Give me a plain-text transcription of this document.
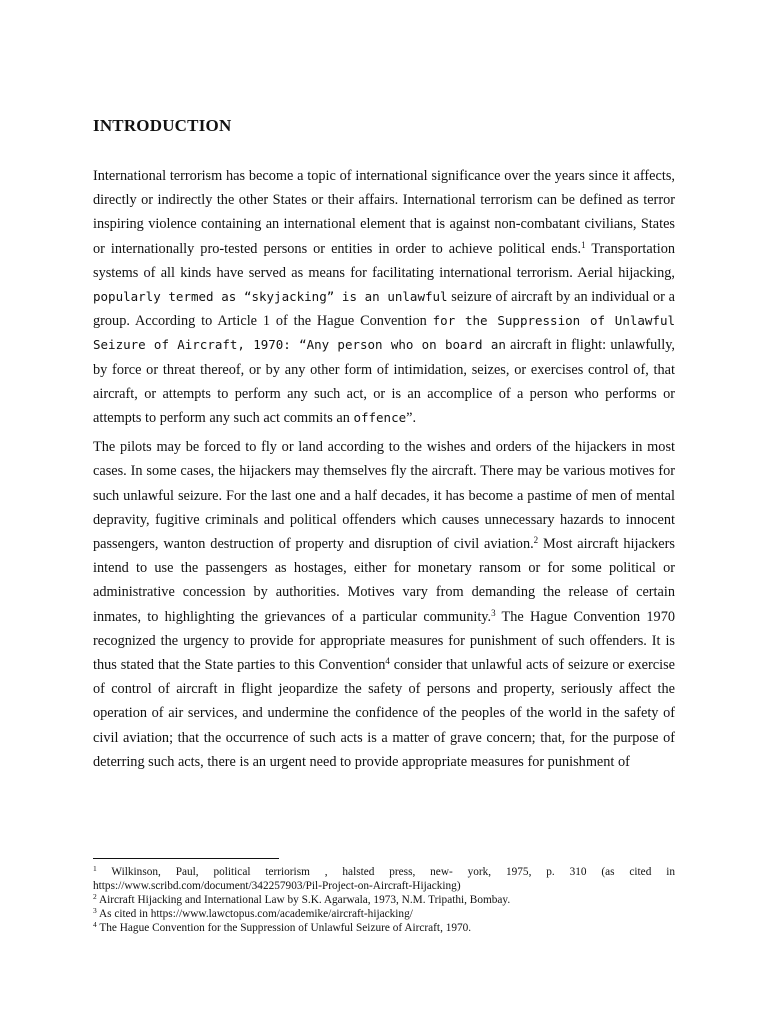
INTRODUCTION

International terrorism has become a topic of international significance over the years since it affects, directly or indirectly the other States or their affairs. International terrorism can be defined as terror inspiring violence containing an international element that is against non-combatant civilians, States or internationally pro-tested persons or entities in order to achieve political ends.$^1$ Transportation systems of all kinds have served as means for facilitating international terrorism. Aerial hijacking, popularly termed as “skyjacking” is an unlawful seizure of aircraft by an individual or a group. According to Article 1 of the Hague Convention for the Suppression of Unlawful Seizure of Aircraft, 1970: “Any person who on board an aircraft in flight: unlawfully, by force or threat thereof, or by any other form of intimidation, seizes, or exercises control of, that aircraft, or attempts to perform any such act, or is an accomplice of a person who performs or attempts to perform any such act commits an offence”.

The pilots may be forced to fly or land according to the wishes and orders of the hijackers in most cases. In some cases, the hijackers may themselves fly the aircraft. There may be various motives for such unlawful seizure. For the last one and a half decades, it has become a pastime of men of mental depravity, fugitive criminals and political offenders which causes unnecessary hazards to innocent passengers, wanton destruction of property and disruption of civil aviation.$^2$ Most aircraft hijackers intend to use the passengers as hostages, either for monetary ransom or for some political or administrative concession by authorities. Motives vary from demanding the release of certain inmates, to highlighting the grievances of a particular community.$^3$ The Hague Convention 1970 recognized the urgency to provide for appropriate measures for punishment of such offenders. It is thus stated that the State parties to this Convention$^4$ consider that unlawful acts of seizure or exercise of control of aircraft in flight jeopardize the safety of persons and property, seriously affect the operation of air services, and undermine the confidence of the peoples of the world in the safety of civil aviation; that the occurrence of such acts is a matter of grave concern; that, for the purpose of deterring such acts, there is an urgent need to provide appropriate measures for punishment of

$^1$ Wilkinson, Paul, political terriorism , halsted press, new- york, 1975, p. 310 (as cited in https://www.scribd.com/document/342257903/Pil-Project-on-Aircraft-Hijacking)

$^2$ Aircraft Hijacking and International Law by S.K. Agarwala, 1973, N.M. Tripathi, Bombay.

$^3$ As cited in https://www.lawctopus.com/academike/aircraft-hijacking/

$^4$ The Hague Convention for the Suppression of Unlawful Seizure of Aircraft, 1970.
